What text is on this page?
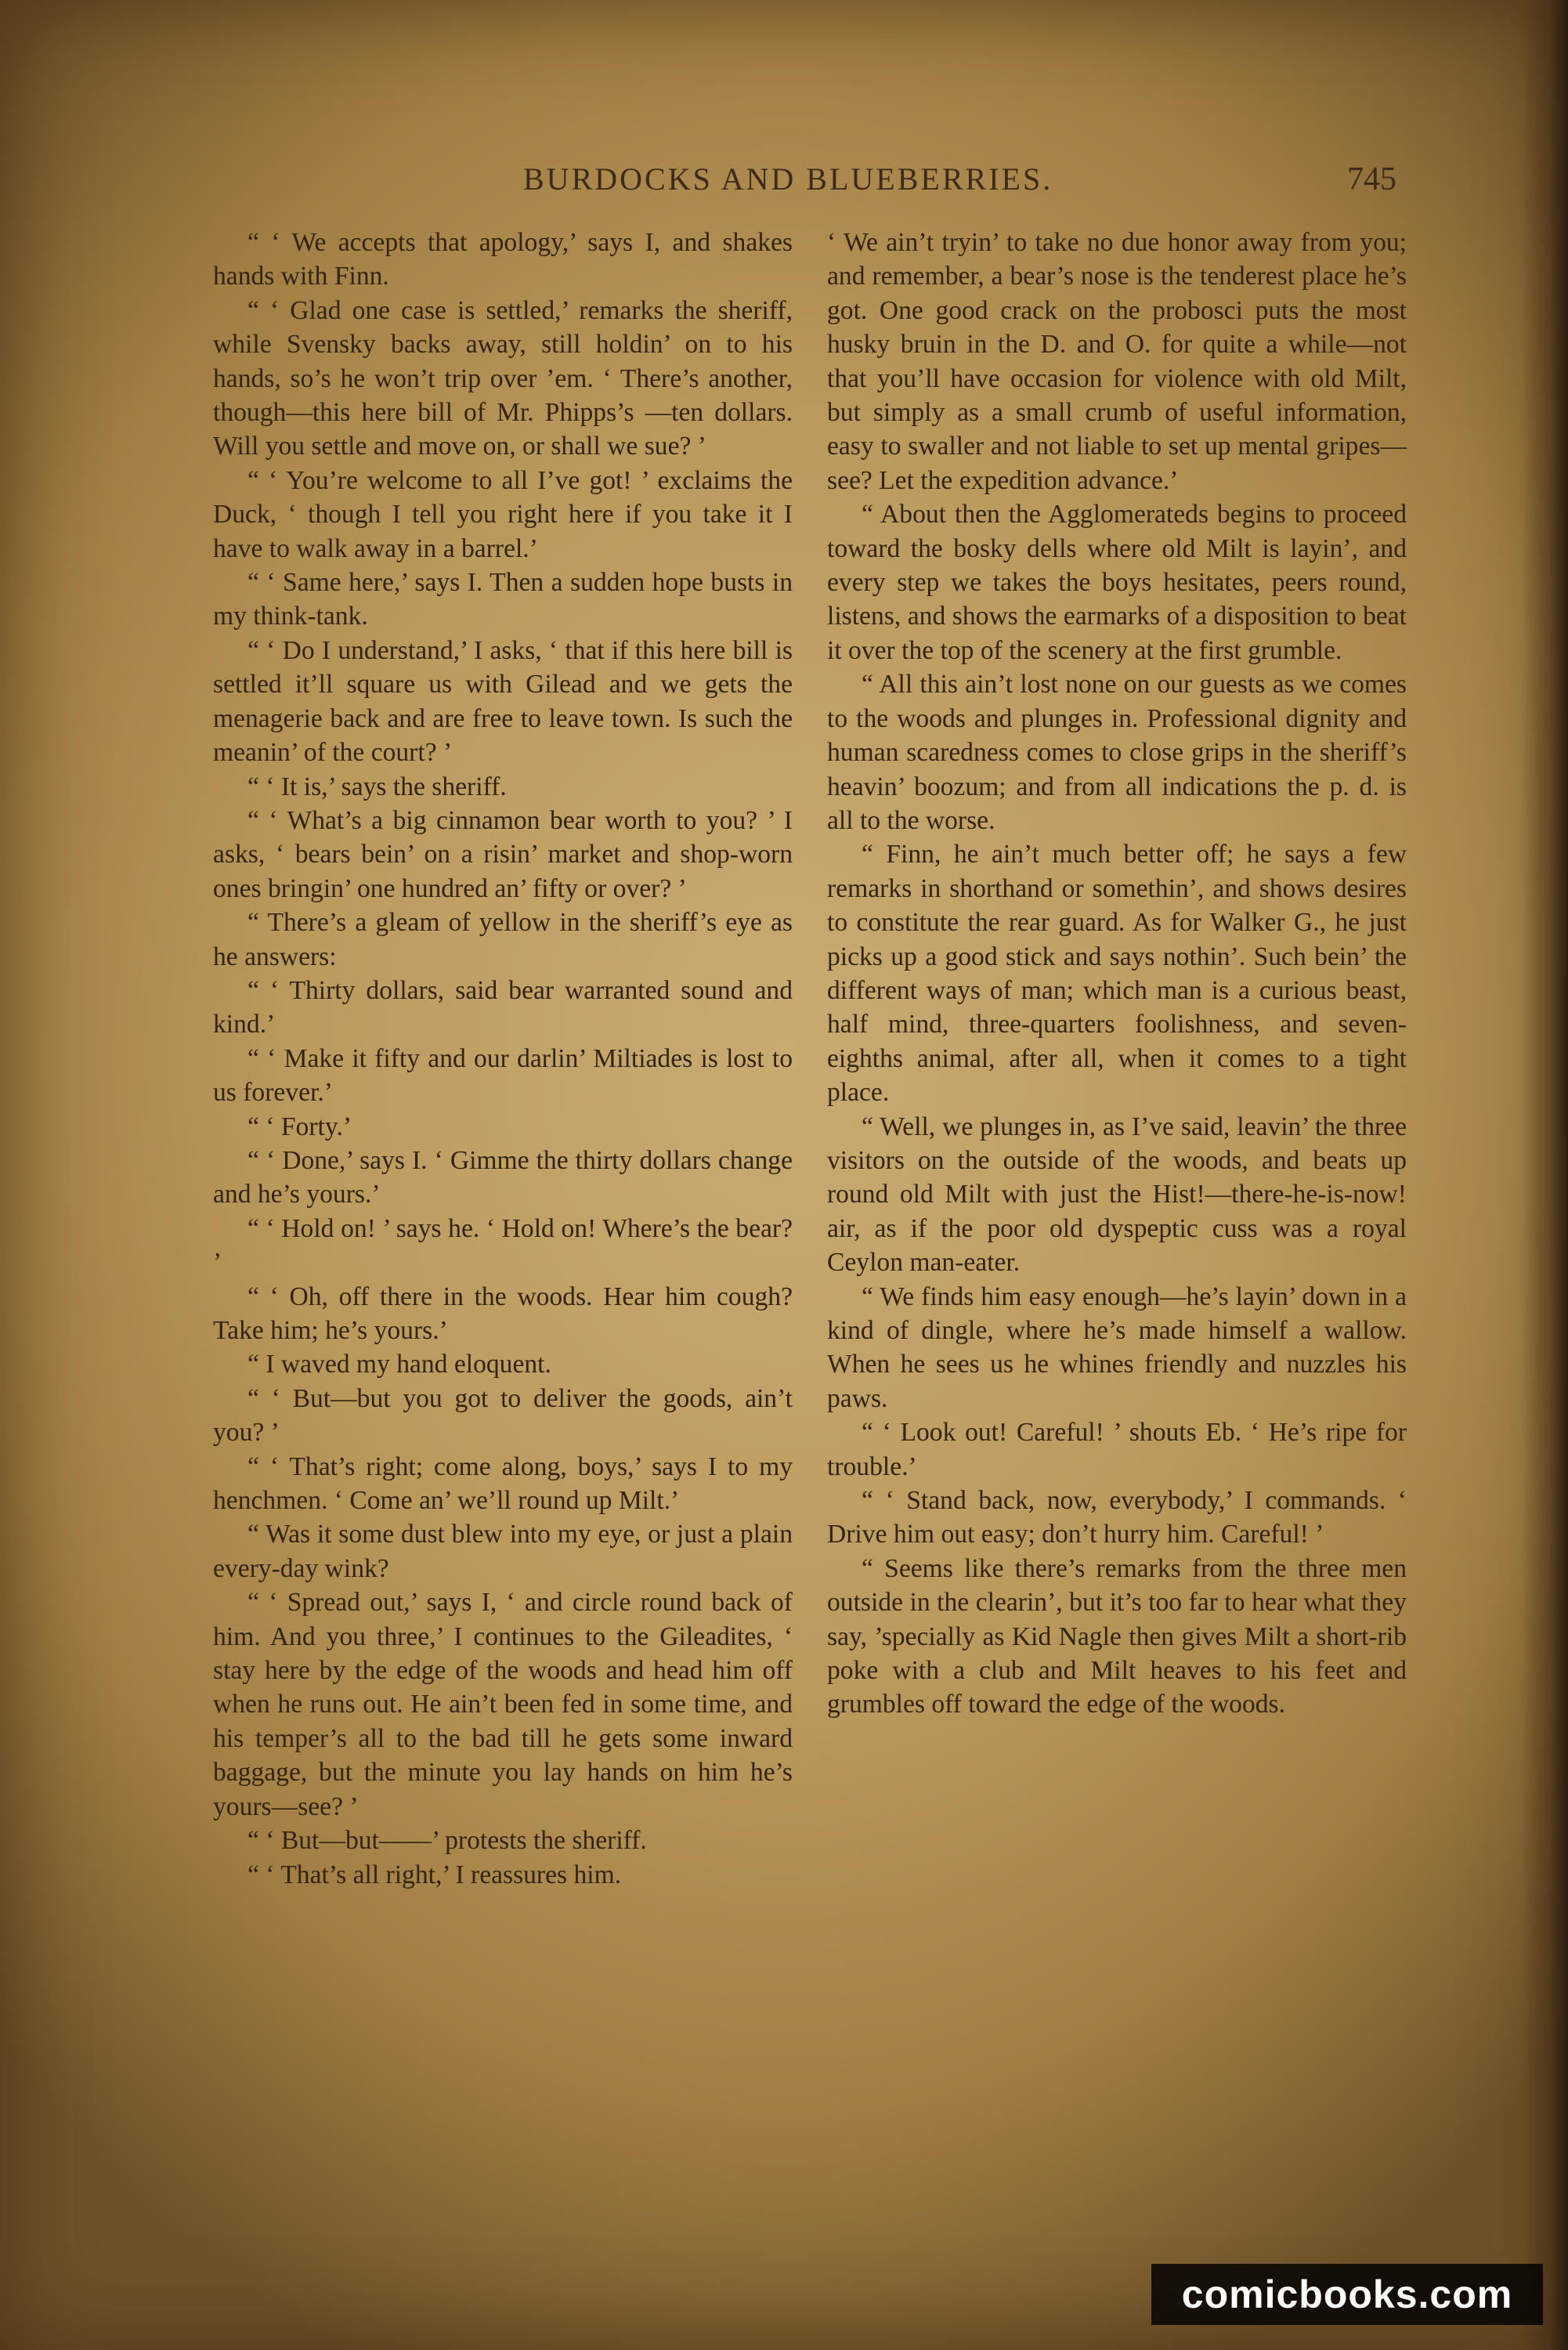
BURDOCKS AND BLUEBERRIES.	745

“ ‘ We accepts that apology,’ says I, and shakes hands with Finn.

“ ‘ Glad one case is settled,’ remarks the sheriff, while Svensky backs away, still holdin’ on to his hands, so’s he won’t trip over ’em. ‘ There’s another, though—this here bill of Mr. Phipps’s —ten dollars. Will you settle and move on, or shall we sue? ’

“ ‘ You’re welcome to all I’ve got! ’ exclaims the Duck, ‘ though I tell you right here if you take it I have to walk away in a barrel.’

“ ‘ Same here,’ says I. Then a sudden hope busts in my think-tank.

“ ‘ Do I understand,’ I asks, ‘ that if this here bill is settled it’ll square us with Gilead and we gets the menagerie back and are free to leave town. Is such the meanin’ of the court? ’

“ ‘ It is,’ says the sheriff.

“ ‘ What’s a big cinnamon bear worth to you? ’ I asks, ‘ bears bein’ on a risin’ market and shop-worn ones bringin’ one hundred an’ fifty or over? ’

“ There’s a gleam of yellow in the sheriff’s eye as he answers:

“ ‘ Thirty dollars, said bear warranted sound and kind.’

“ ‘ Make it fifty and our darlin’ Miltiades is lost to us forever.’

“ ‘ Forty.’

“ ‘ Done,’ says I. ‘ Gimme the thirty dollars change and he’s yours.’

“ ‘ Hold on! ’ says he. ‘ Hold on! Where’s the bear? ’

“ ‘ Oh, off there in the woods. Hear him cough? Take him; he’s yours.’

“ I waved my hand eloquent.

“ ‘ But—but you got to deliver the goods, ain’t you? ’

“ ‘ That’s right; come along, boys,’ says I to my henchmen. ‘ Come an’ we’ll round up Milt.’

“ Was it some dust blew into my eye, or just a plain every-day wink?

“ ‘ Spread out,’ says I, ‘ and circle round back of him. And you three,’ I continues to the Gileadites, ‘ stay here by the edge of the woods and head him off when he runs out. He ain’t been fed in some time, and his temper’s all to the bad till he gets some inward baggage, but the minute you lay hands on him he’s yours—see? ’

“ ‘ But—but——’ protests the sheriff.

“ ‘ That’s all right,’ I reassures him.

‘ We ain’t tryin’ to take no due honor away from you; and remember, a bear’s nose is the tenderest place he’s got. One good crack on the probosci puts the most husky bruin in the D. and O. for quite a while—not that you’ll have occasion for violence with old Milt, but simply as a small crumb of useful information, easy to swaller and not liable to set up mental gripes—see? Let the expedition advance.’

“ About then the Agglomerateds begins to proceed toward the bosky dells where old Milt is layin’, and every step we takes the boys hesitates, peers round, listens, and shows the earmarks of a disposition to beat it over the top of the scenery at the first grumble.

“ All this ain’t lost none on our guests as we comes to the woods and plunges in. Professional dignity and human scaredness comes to close grips in the sheriff’s heavin’ boozum; and from all indications the p. d. is all to the worse.

“ Finn, he ain’t much better off; he says a few remarks in shorthand or somethin’, and shows desires to constitute the rear guard. As for Walker G., he just picks up a good stick and says nothin’. Such bein’ the different ways of man; which man is a curious beast, half mind, three-quarters foolishness, and seven-eighths animal, after all, when it comes to a tight place.

“ Well, we plunges in, as I’ve said, leavin’ the three visitors on the outside of the woods, and beats up round old Milt with just the Hist!—there-he-is-now! air, as if the poor old dyspeptic cuss was a royal Ceylon man-eater.

“ We finds him easy enough—he’s layin’ down in a kind of dingle, where he’s made himself a wallow. When he sees us he whines friendly and nuzzles his paws.

“ ‘ Look out! Careful! ’ shouts Eb. ‘ He’s ripe for trouble.’

“ ‘ Stand back, now, everybody,’ I commands. ‘ Drive him out easy; don’t hurry him. Careful! ’

“ Seems like there’s remarks from the three men outside in the clearin’, but it’s too far to hear what they say, ’specially as Kid Nagle then gives Milt a short-rib poke with a club and Milt heaves to his feet and grumbles off toward the edge of the woods.

comicbooks.com
